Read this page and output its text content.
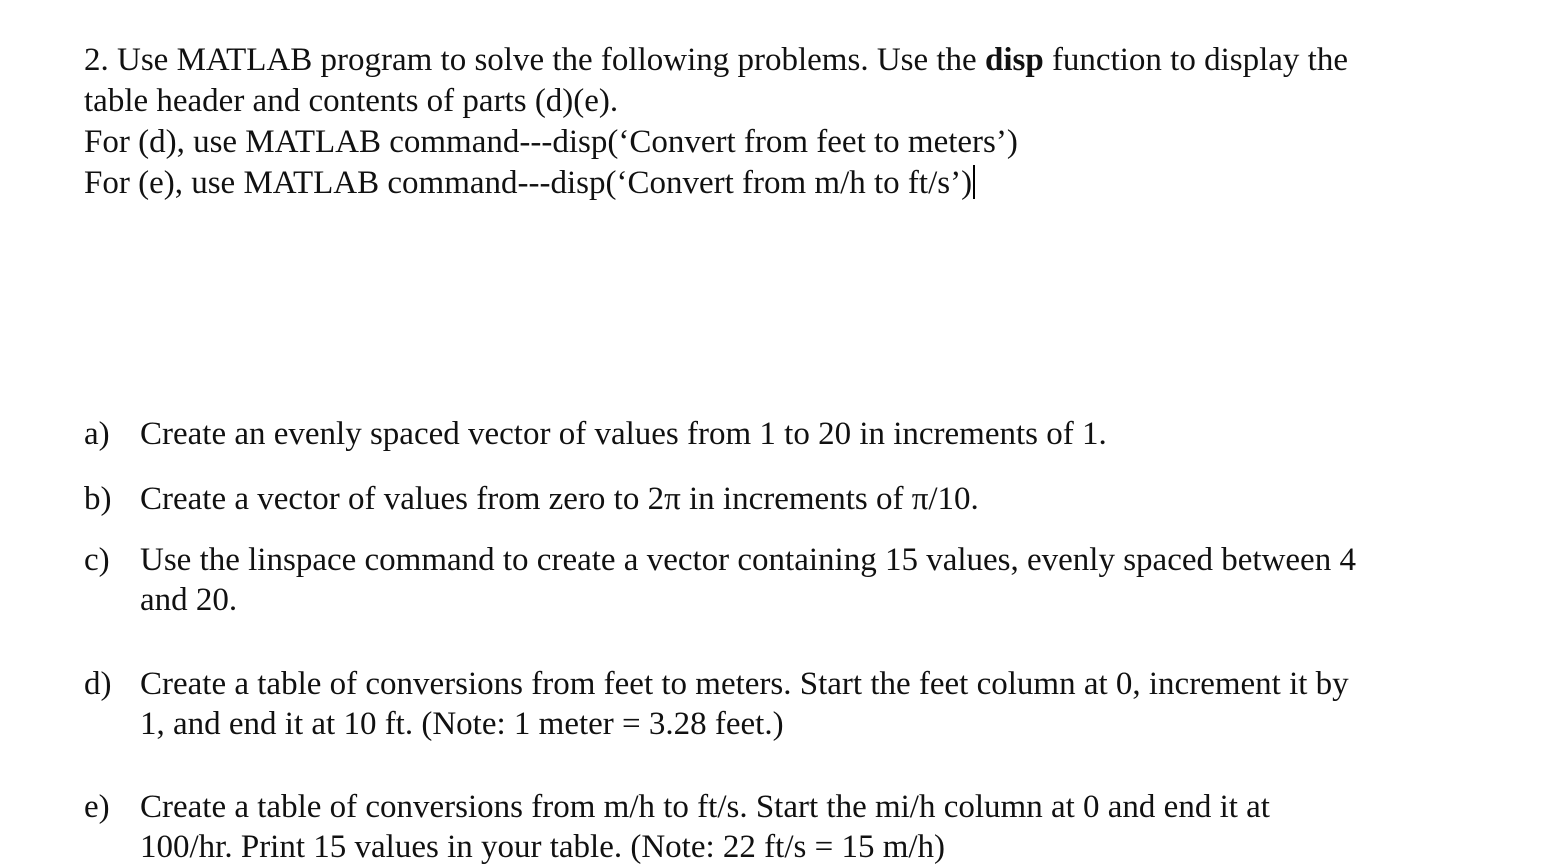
2. Use MATLAB program to solve the following problems. Use the disp function to display the
table header and contents of parts (d)(e).
For (d), use MATLAB command---disp(‘Convert from feet to meters’)
For (e), use MATLAB command---disp(‘Convert from m/h to ft/s’)
a) Create an evenly spaced vector of values from 1 to 20 in increments of 1.
b) Create a vector of values from zero to 2π in increments of π/10.
c) Use the linspace command to create a vector containing 15 values, evenly spaced between 4
and 20.
d) Create a table of conversions from feet to meters. Start the feet column at 0, increment it by
1, and end it at 10 ft. (Note: 1 meter = 3.28 feet.)
e) Create a table of conversions from m/h to ft/s. Start the mi/h column at 0 and end it at
100/hr. Print 15 values in your table. (Note: 22 ft/s = 15 m/h)
